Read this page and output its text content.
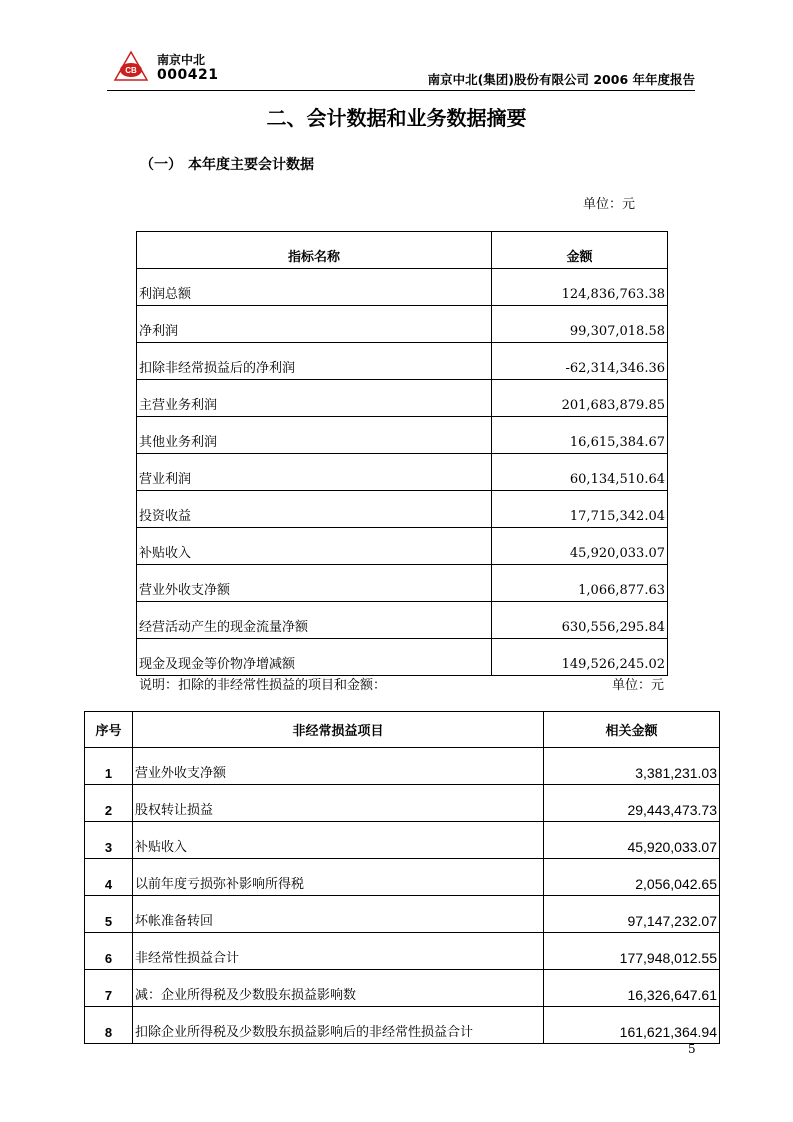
CB
南京中北
000421	南京中北(集团)股份有限公司 2006 年年度报告
二、会计数据和业务数据摘要
（一） 本年度主要会计数据
单位：元
指标名称	金额
利润总额	124,836,763.38
净利润	99,307,018.58
扣除非经常损益后的净利润	-62,314,346.36
主营业务利润	201,683,879.85
其他业务利润	16,615,384.67
营业利润	60,134,510.64
投资收益	17,715,342.04
补贴收入	45,920,033.07
营业外收支净额	1,066,877.63
经营活动产生的现金流量净额	630,556,295.84
现金及现金等价物净增减额	149,526,245.02
说明：扣除的非经常性损益的项目和金额：	单位：元
序号	非经常损益项目	相关金额
1	营业外收支净额	3,381,231.03
2	股权转让损益	29,443,473.73
3	补贴收入	45,920,033.07
4	以前年度亏损弥补影响所得税	2,056,042.65
5	坏帐准备转回	97,147,232.07
6	非经常性损益合计	177,948,012.55
7	减：企业所得税及少数股东损益影响数	16,326,647.61
8	扣除企业所得税及少数股东损益影响后的非经常性损益合计	161,621,364.94
5
